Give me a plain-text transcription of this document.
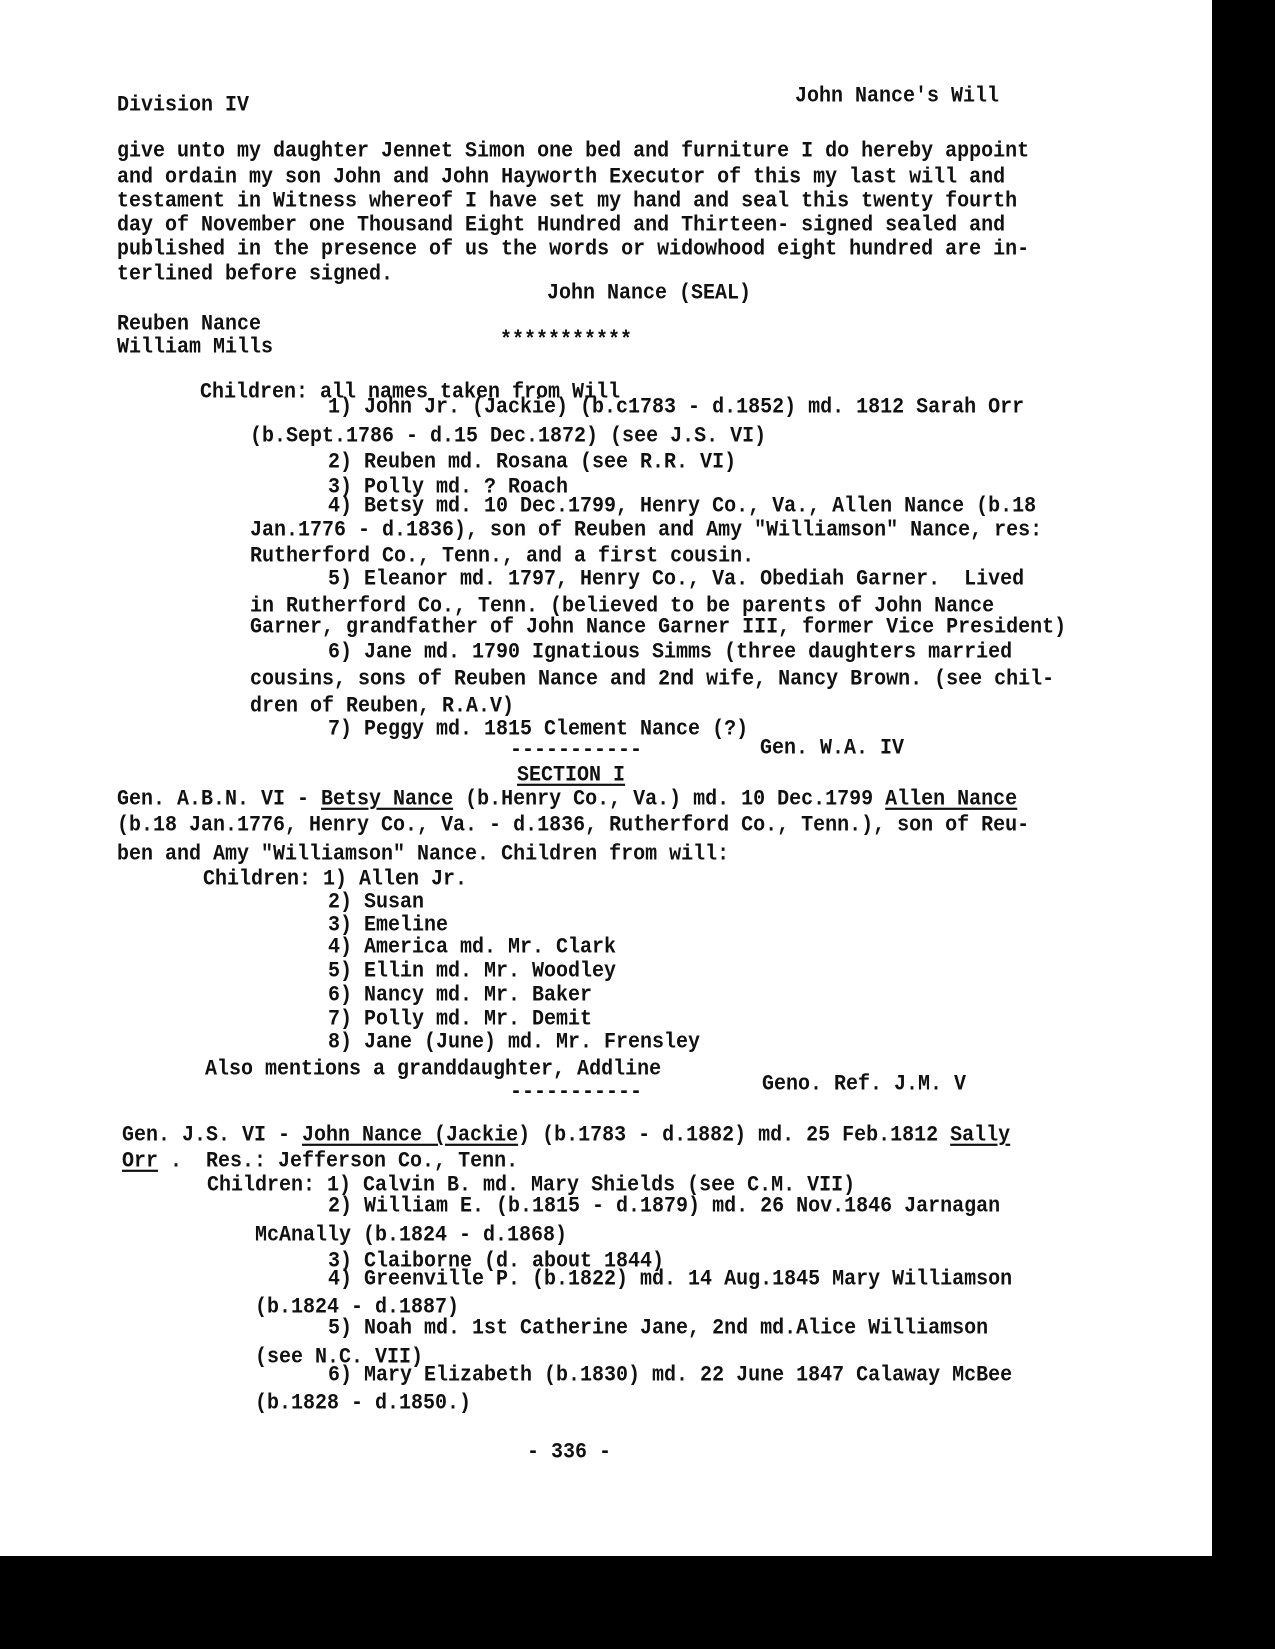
Division IV	John Nance's Will
give unto my daughter Jennet Simon one bed and furniture I do hereby appoint
and ordain my son John and John Hayworth Executor of this my last will and
testament in Witness whereof I have set my hand and seal this twenty fourth
day of November one Thousand Eight Hundred and Thirteen- signed sealed and
published in the presence of us the words or widowhood eight hundred are in-
terlined before signed.
John Nance (SEAL)
Reuben Nance
William Mills	***********
Children: all names taken from Will
1) John Jr. (Jackie) (b.c1783 - d.1852) md. 1812 Sarah Orr
(b.Sept.1786 - d.15 Dec.1872) (see J.S. VI)
2) Reuben md. Rosana (see R.R. VI)
3) Polly md. ? Roach
4) Betsy md. 10 Dec.1799, Henry Co., Va., Allen Nance (b.18
Jan.1776 - d.1836), son of Reuben and Amy "Williamson" Nance, res:
Rutherford Co., Tenn., and a first cousin.
5) Eleanor md. 1797, Henry Co., Va. Obediah Garner.  Lived
in Rutherford Co., Tenn. (believed to be parents of John Nance
Garner, grandfather of John Nance Garner III, former Vice President)
6) Jane md. 1790 Ignatious Simms (three daughters married
cousins, sons of Reuben Nance and 2nd wife, Nancy Brown. (see chil-
dren of Reuben, R.A.V)
7) Peggy md. 1815 Clement Nance (?)
-----------	Gen. W.A. IV
SECTION I
Gen. A.B.N. VI - Betsy Nance (b.Henry Co., Va.) md. 10 Dec.1799 Allen Nance
(b.18 Jan.1776, Henry Co., Va. - d.1836, Rutherford Co., Tenn.), son of Reu-
ben and Amy "Williamson" Nance. Children from will:
Children: 1) Allen Jr.
2) Susan
3) Emeline
4) America md. Mr. Clark
5) Ellin md. Mr. Woodley
6) Nancy md. Mr. Baker
7) Polly md. Mr. Demit
8) Jane (June) md. Mr. Frensley
Also mentions a granddaughter, Addline
Geno. Ref. J.M. V
-----------
Gen. J.S. VI - John Nance (Jackie) (b.1783 - d.1882) md. 25 Feb.1812 Sally
Orr .  Res.: Jefferson Co., Tenn.
Children: 1) Calvin B. md. Mary Shields (see C.M. VII)
2) William E. (b.1815 - d.1879) md. 26 Nov.1846 Jarnagan
McAnally (b.1824 - d.1868)
3) Claiborne (d. about 1844)
4) Greenville P. (b.1822) md. 14 Aug.1845 Mary Williamson
(b.1824 - d.1887)
5) Noah md. 1st Catherine Jane, 2nd md.Alice Williamson
(see N.C. VII)
6) Mary Elizabeth (b.1830) md. 22 June 1847 Calaway McBee
(b.1828 - d.1850.)
- 336 -
